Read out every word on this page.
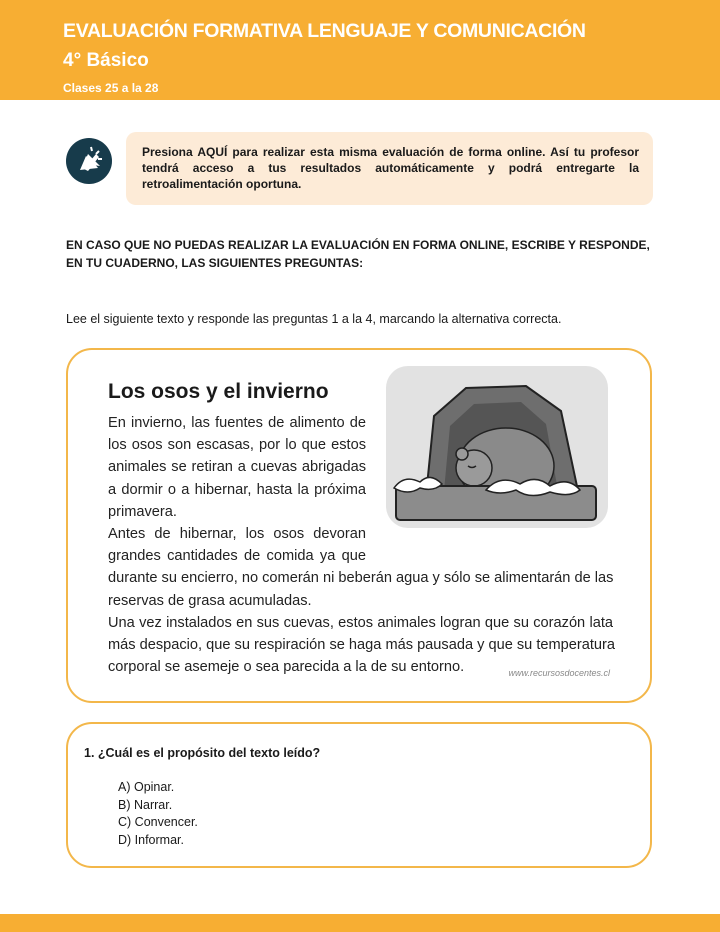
EVALUACIÓN FORMATIVA LENGUAJE Y COMUNICACIÓN
4° Básico
Clases 25 a la 28
Presiona AQUÍ para realizar esta misma evaluación de forma online. Así tu profesor tendrá acceso a tus resultados automáticamente y podrá entregarte la retroalimentación oportuna.
EN CASO QUE NO PUEDAS REALIZAR LA EVALUACIÓN EN FORMA ONLINE, ESCRIBE Y RESPONDE, EN TU CUADERNO, LAS SIGUIENTES PREGUNTAS:
Lee el siguiente texto y responde las preguntas 1 a la 4, marcando la alternativa correcta.
Los osos y el invierno
En invierno, las fuentes de alimento de
los osos son escasas, por lo que estos
animales se retiran a cuevas abrigadas
a dormir o a hibernar, hasta la próxima
primavera.
Antes de hibernar, los osos devoran
grandes cantidades de comida ya que
durante su encierro, no comerán ni beberán agua y sólo se alimentarán de las
reservas de grasa acumuladas.
Una vez instalados en sus cuevas, estos animales logran que su corazón lata
más despacio, que su respiración se haga más pausada y que su temperatura
corporal se asemeje o sea parecida a la de su entorno.	www.recursosdocentes.cl
1. ¿Cuál es el propósito del texto leído?
A) Opinar.
B) Narrar.
C) Convencer.
D) Informar.
